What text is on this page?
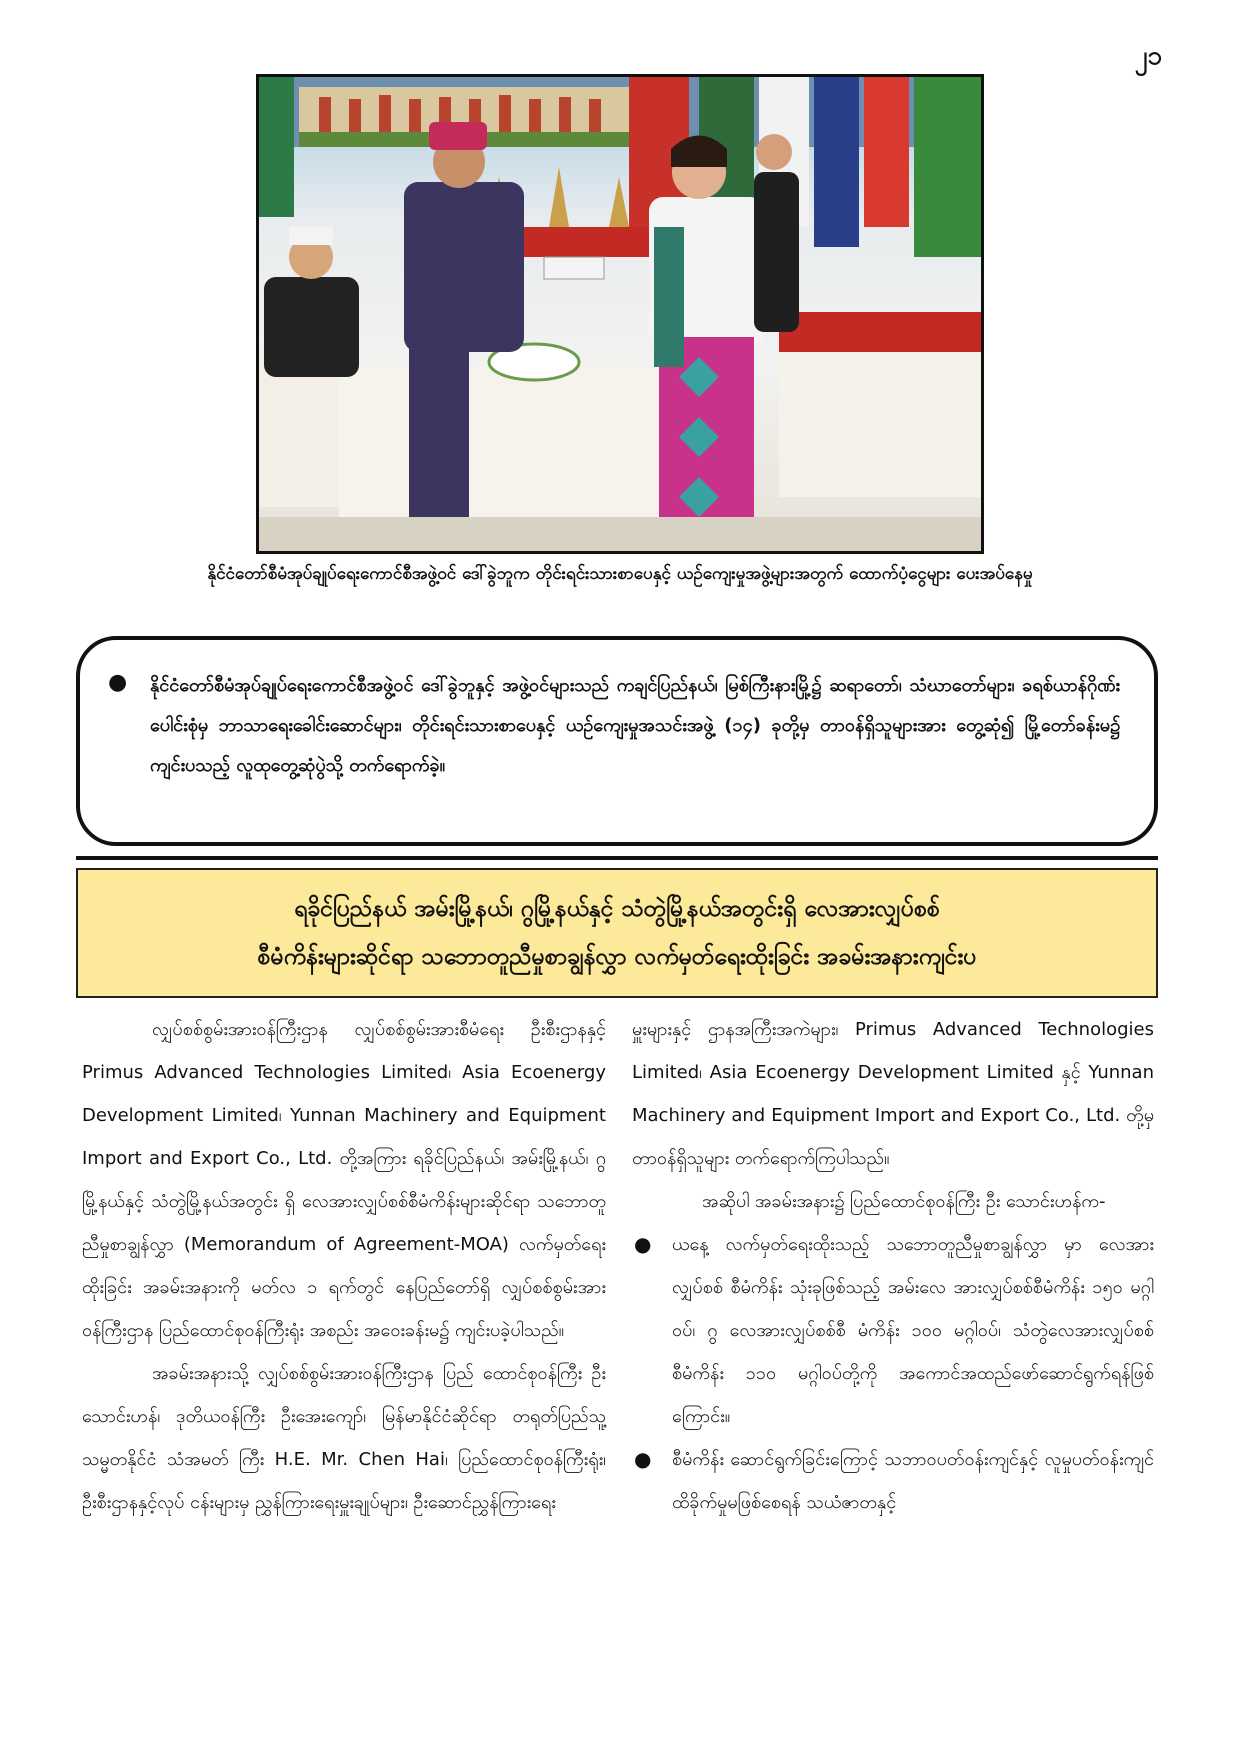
၂၁
နိုင်ငံတော်စီမံအုပ်ချုပ်ရေးကောင်စီအဖွဲ့ဝင် ဒေါ်ခွဲဘူက တိုင်းရင်းသားစာပေနှင့် ယဉ်ကျေးမှုအဖွဲ့များအတွက် ထောက်ပံ့ငွေများ ပေးအပ်နေမှု
● နိုင်ငံတော်စီမံအုပ်ချုပ်ရေးကောင်စီအဖွဲ့ဝင် ဒေါ်ခွဲဘူနှင့် အဖွဲ့ဝင်များသည် ကချင်ပြည်နယ်၊ မြစ်ကြီးနားမြို့၌ ဆရာတော်၊ သံဃာတော်များ၊ ခရစ်ယာန်ဂိုဏ်းပေါင်းစုံမှ ဘာသာရေးခေါင်းဆောင်များ၊ တိုင်းရင်းသားစာပေနှင့် ယဉ်ကျေးမှုအသင်းအဖွဲ့ (၁၄) ခုတို့မှ တာဝန်ရှိသူများအား တွေ့ဆုံ၍ မြို့တော်ခန်းမ၌ ကျင်းပသည့် လူထုတွေ့ဆုံပွဲသို့ တက်ရောက်ခဲ့။
ရခိုင်ပြည်နယ် အမ်းမြို့နယ်၊ ဂွမြို့နယ်နှင့် သံတွဲမြို့နယ်အတွင်းရှိ လေအားလျှပ်စစ်
စီမံကိန်းများဆိုင်ရာ သဘောတူညီမှုစာချွန်လွှာ လက်မှတ်ရေးထိုးခြင်း အခမ်းအနားကျင်းပ

လျှပ်စစ်စွမ်းအားဝန်ကြီးဌာန လျှပ်စစ်စွမ်းအားစီမံရေး ဦးစီးဌာနနှင့် Primus Advanced Technologies Limited၊ Asia Ecoenergy Development Limited၊ Yunnan Machinery and Equipment Import and Export Co., Ltd. တို့အကြား ရခိုင်ပြည်နယ်၊ အမ်းမြို့နယ်၊ ဂွမြို့နယ်နှင့် သံတွဲမြို့နယ်အတွင်း ရှိ လေအားလျှပ်စစ်စီမံကိန်းများဆိုင်ရာ သဘောတူညီမှုစာချွန်လွှာ (Memorandum of Agreement-MOA) လက်မှတ်ရေး ထိုးခြင်း အခမ်းအနားကို မတ်လ ၁ ရက်တွင် နေပြည်တော်ရှိ လျှပ်စစ်စွမ်းအားဝန်ကြီးဌာန ပြည်ထောင်စုဝန်ကြီးရုံး အစည်း အဝေးခန်းမ၌ ကျင်းပခဲ့ပါသည်။

အခမ်းအနားသို့ လျှပ်စစ်စွမ်းအားဝန်ကြီးဌာန ပြည် ထောင်စုဝန်ကြီး ဦးသောင်းဟန်၊ ဒုတိယဝန်ကြီး ဦးအေးကျော်၊ မြန်မာနိုင်ငံဆိုင်ရာ တရုတ်ပြည်သူ့သမ္မတနိုင်ငံ သံအမတ် ကြီး H.E. Mr. Chen Hai၊ ပြည်ထောင်စုဝန်ကြီးရုံး၊ ဦးစီးဌာနနှင့်လုပ် ငန်းများမှ ညွှန်ကြားရေးမှူးချုပ်များ၊ ဦးဆောင်ညွှန်ကြားရေး

မှူးများနှင့် ဌာနအကြီးအကဲများ၊ Primus Advanced Technologies Limited၊ Asia Ecoenergy Development Limited နှင့် Yunnan Machinery and Equipment Import and Export Co., Ltd. တို့မှ တာဝန်ရှိသူများ တက်ရောက်ကြပါသည်။

အဆိုပါ အခမ်းအနား၌ ပြည်ထောင်စုဝန်ကြီး ဦး သောင်းဟန်က-

● ယနေ့ လက်မှတ်ရေးထိုးသည့် သဘောတူညီမှုစာချွန်လွှာ မှာ လေအားလျှပ်စစ် စီမံကိန်း သုံးခုဖြစ်သည့် အမ်းလေ အားလျှပ်စစ်စီမံကိန်း ၁၅၀ မဂ္ဂါဝပ်၊ ဂွ လေအားလျှပ်စစ်စီ မံကိန်း ၁၀၀ မဂ္ဂါဝပ်၊ သံတွဲလေအားလျှပ်စစ်စီမံကိန်း ၁၁၀ မဂ္ဂါဝပ်တို့ကို အကောင်အထည်ဖော်ဆောင်ရွက်ရန်ဖြစ် ကြောင်း။
● စီမံကိန်း ဆောင်ရွက်ခြင်းကြောင့် သဘာဝပတ်ဝန်းကျင်နှင့် လူမှုပတ်ဝန်းကျင် ထိခိုက်မှုမဖြစ်စေရန် သယံဇာတနှင့်
